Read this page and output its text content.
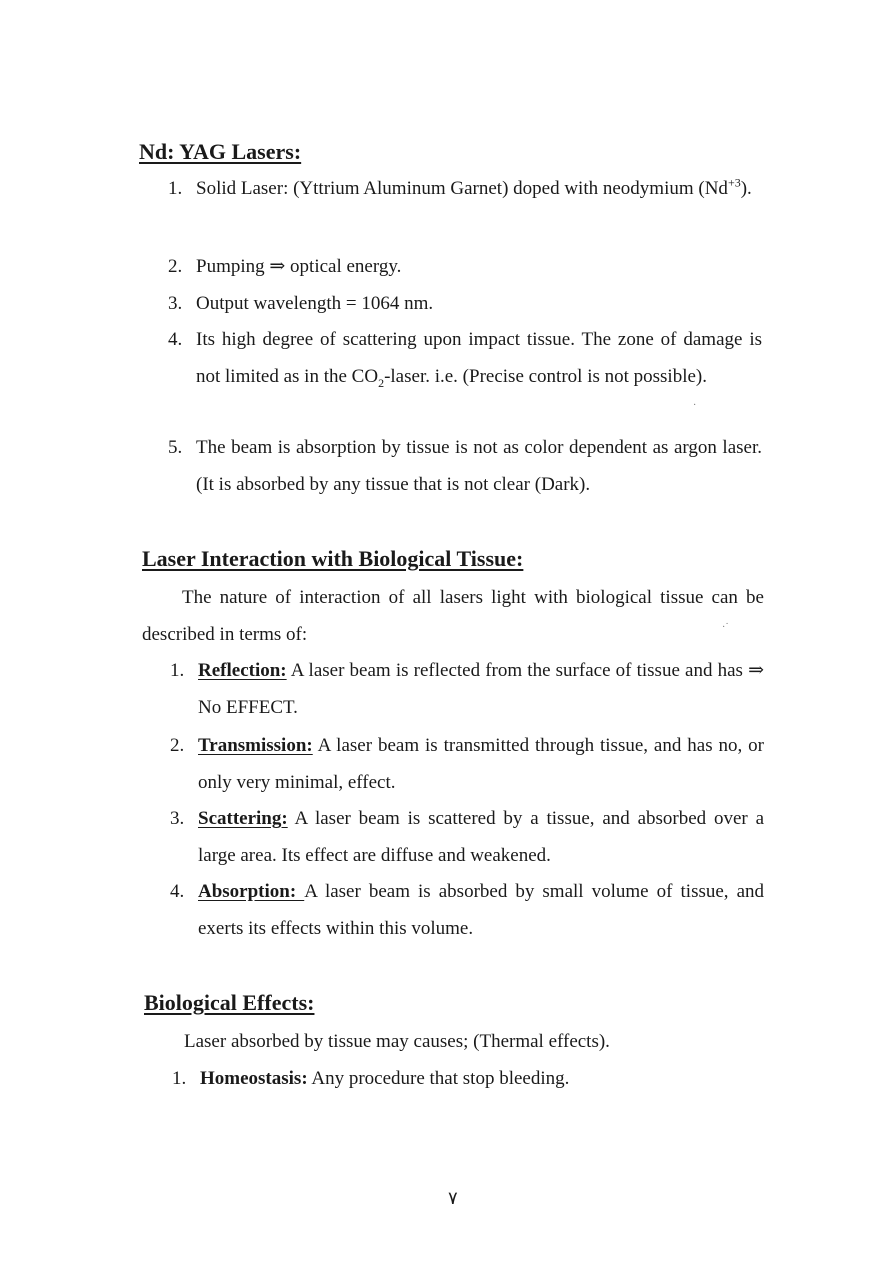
Nd: YAG Lasers:
1. Solid Laser: (Yttrium Aluminum Garnet) doped with neodymium $(Nd^{+3})$.
2. Pumping ⇒ optical energy.
3. Output wavelength = 1064 nm.
4. Its high degree of scattering upon impact tissue. The zone of damage is not limited as in the $CO_2$-laser. i.e. (Precise control is not possible).
5. The beam is absorption by tissue is not as color dependent as argon laser. (It is absorbed by any tissue that is not clear (Dark).
Laser Interaction with Biological Tissue:
The nature of interaction of all lasers light with biological tissue can be described in terms of:
1. Reflection: A laser beam is reflected from the surface of tissue and has ⇒ No EFFECT.
2. Transmission: A laser beam is transmitted through tissue, and has no, or only very minimal, effect.
3. Scattering: A laser beam is scattered by a tissue, and absorbed over a large area. Its effect are diffuse and weakened.
4. Absorption: A laser beam is absorbed by small volume of tissue, and exerts its effects within this volume.
Biological Effects:
Laser absorbed by tissue may causes; (Thermal effects).
1. Homeostasis: Any procedure that stop bleeding.
٧
·˙
·
